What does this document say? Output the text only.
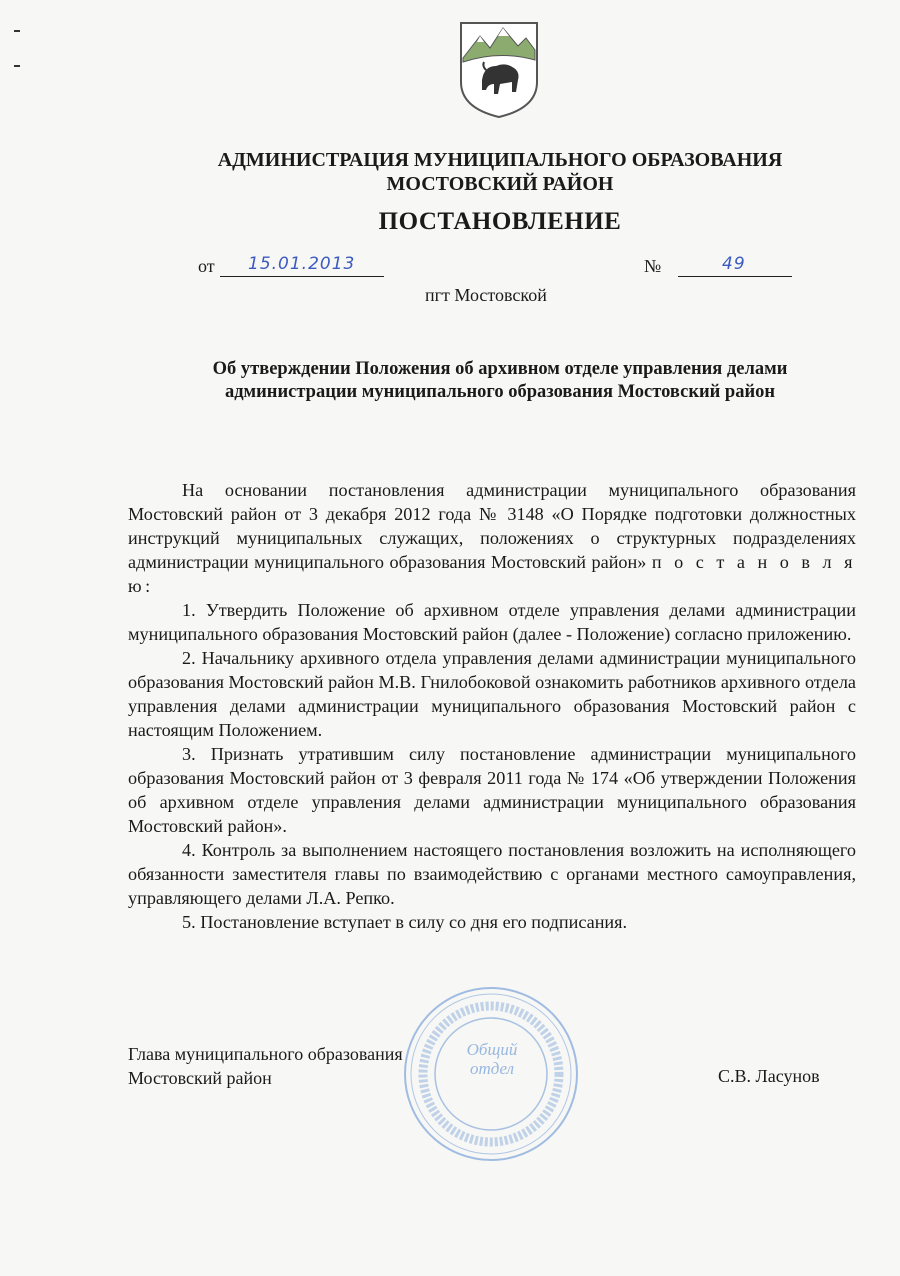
АДМИНИСТРАЦИЯ МУНИЦИПАЛЬНОГО ОБРАЗОВАНИЯ
МОСТОВСКИЙ РАЙОН
ПОСТАНОВЛЕНИЕ
от 15.01.2013	№	49
пгт Мостовской
Об утверждении Положения об архивном отделе управления делами
администрации муниципального образования Мостовский район

На основании постановления администрации муниципального образования Мостовский район от 3 декабря 2012 года № 3148 «О Порядке подготовки должностных инструкций муниципальных служащих, положениях о структурных подразделениях администрации муниципального образования Мостовский район» п о с т а н о в л я ю:

1. Утвердить Положение об архивном отделе управления делами администрации муниципального образования Мостовский район (далее - Положение) согласно приложению.

2. Начальнику архивного отдела управления делами администрации муниципального образования Мостовский район М.В. Гнилобоковой ознакомить работников архивного отдела управления делами администрации муниципального образования Мостовский район с настоящим Положением.

3. Признать утратившим силу постановление администрации муниципального образования Мостовский район от 3 февраля 2011 года № 174 «Об утверждении Положения об архивном отделе управления делами администрации муниципального образования Мостовский район».

4. Контроль за выполнением настоящего постановления возложить на исполняющего обязанности заместителя главы по взаимодействию с органами местного самоуправления, управляющего делами Л.А. Репко.

5. Постановление вступает в силу со дня его подписания.

Глава муниципального образования
Мостовский район	С.В. Ласунов
Общий
отдел
